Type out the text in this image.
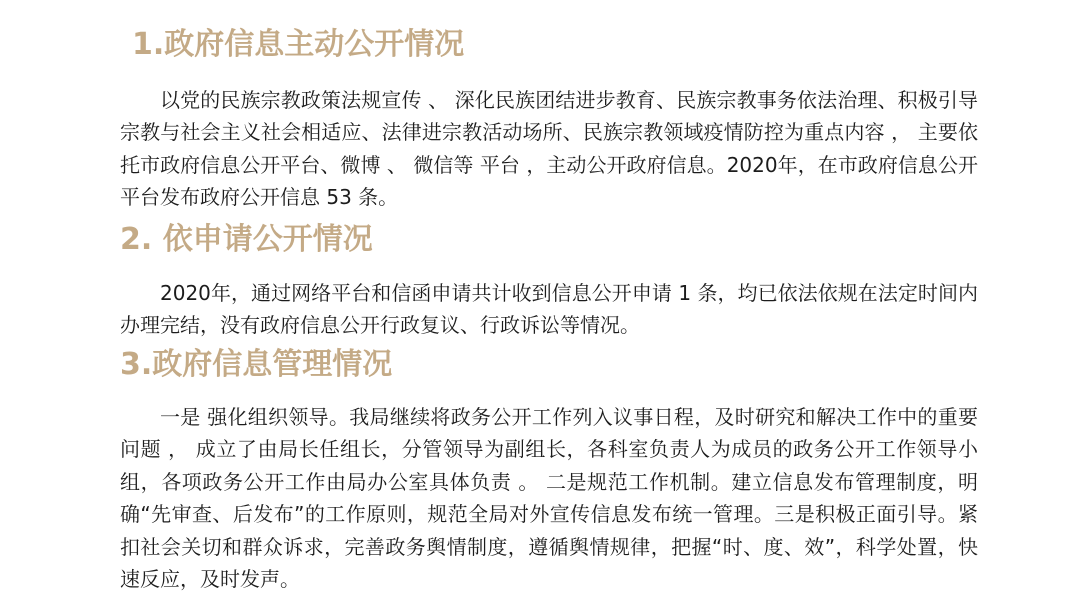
1.政府信息主动公开情况

以党的民族宗教政策法规宣传 、 深化民族团结进步教育、民族宗教事务依法治理、积极引导宗教与社会主义社会相适应、法律进宗教活动场所、民族宗教领域疫情防控为重点内容 ， 主要依托市政府信息公开平台、微博 、 微信等 平台 ，主动公开政府信息。2020年，在市政府信息公开平台发布政府公开信息 53 条。

2. 依申请公开情况

2020年，通过网络平台和信函申请共计收到信息公开申请 1 条，均已依法依规在法定时间内办理完结，没有政府信息公开行政复议、行政诉讼等情况。

3.政府信息管理情况

一是 强化组织领导。我局继续将政务公开工作列入议事日程，及时研究和解决工作中的重要问题 ， 成立了由局长任组长，分管领导为副组长，各科室负责人为成员的政务公开工作领导小组，各项政务公开工作由局办公室具体负责 。 二是规范工作机制。建立信息发布管理制度，明确“先审查、后发布”的工作原则，规范全局对外宣传信息发布统一管理。三是积极正面引导。紧扣社会关切和群众诉求，完善政务舆情制度，遵循舆情规律，把握“时、度、效”，科学处置，快速反应，及时发声。
